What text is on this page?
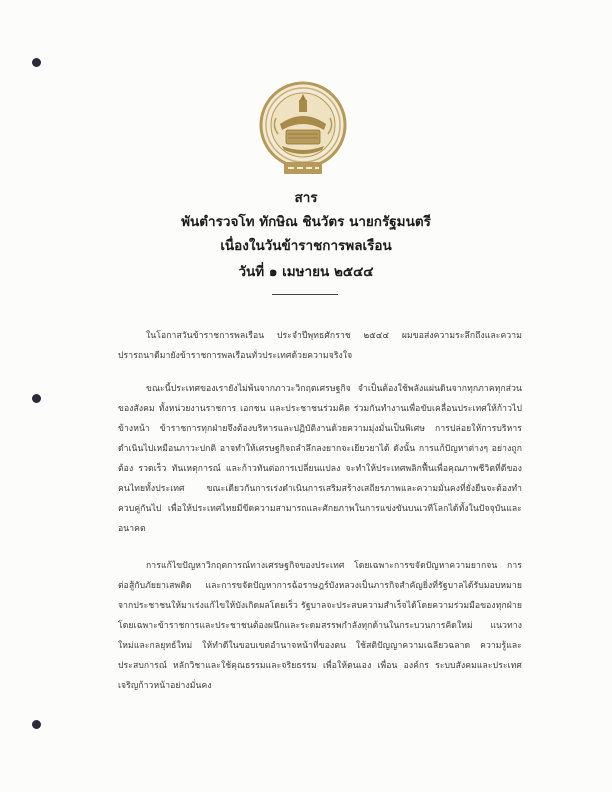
สาร
พันตำรวจโท ทักษิณ ชินวัตร นายกรัฐมนตรี
เนื่องในวันข้าราชการพลเรือน
วันที่ ๑ เมษายน ๒๕๔๔

ในโอกาสวันข้าราชการพลเรือน ประจำปีพุทธศักราช ๒๕๔๔ ผมขอส่งความระลึกถึงและความปรารถนาดีมายังข้าราชการพลเรือนทั่วประเทศด้วยความจริงใจ

ขณะนี้ประเทศของเรายังไม่พ้นจากภาวะวิกฤตเศรษฐกิจ จำเป็นต้องใช้พลังแผ่นดินจากทุกภาคทุกส่วนของสังคม ทั้งหน่วยงานราชการ เอกชน และประชาชนร่วมคิด ร่วมกันทำงานเพื่อขับเคลื่อนประเทศให้ก้าวไปข้างหน้า ข้าราชการทุกฝ่ายจึงต้องบริหารและปฏิบัติงานด้วยความมุ่งมั่นเป็นพิเศษ การปล่อยให้การบริหารดำเนินไปเหมือนภาวะปกติ อาจทำให้เศรษฐกิจถลำลึกลงยากจะเยียวยาได้ ดังนั้น การแก้ปัญหาต่างๆ อย่างถูกต้อง รวดเร็ว ทันเหตุการณ์ และก้าวทันต่อการเปลี่ยนแปลง จะทำให้ประเทศพลิกฟื้นเพื่อคุณภาพชีวิตที่ดีของคนไทยทั้งประเทศ ขณะเดียวกันการเร่งดำเนินการเสริมสร้างเสถียรภาพและความมั่นคงที่ยั่งยืนจะต้องทำควบคู่กันไป เพื่อให้ประเทศไทยมีขีดความสามารถและศักยภาพในการแข่งขันบนเวทีโลกได้ทั้งในปัจจุบันและอนาคต

การแก้ไขปัญหาวิกฤตการณ์ทางเศรษฐกิจของประเทศ โดยเฉพาะการขจัดปัญหาความยากจน การต่อสู้กับภัยยาเสพติด และการขจัดปัญหาการฉ้อราษฎร์บังหลวงเป็นภารกิจสำคัญยิ่งที่รัฐบาลได้รับมอบหมายจากประชาชนให้มาเร่งแก้ไขให้บังเกิดผลโดยเร็ว รัฐบาลจะประสบความสำเร็จได้โดยความร่วมมือของทุกฝ่าย โดยเฉพาะข้าราชการและประชาชนต้องผนึกและระดมสรรพกำลังทุกด้านในกระบวนการคิดใหม่ แนวทางใหม่และกลยุทธ์ใหม่ ให้ทำดีในขอบเขตอำนาจหน้าที่ของตน ใช้สติปัญญาความเฉลียวฉลาด ความรู้และประสบการณ์ หลักวิชาและใช้คุณธรรมและจริยธรรม เพื่อให้ตนเอง เพื่อน องค์กร ระบบสังคมและประเทศเจริญก้าวหน้าอย่างมั่นคง
